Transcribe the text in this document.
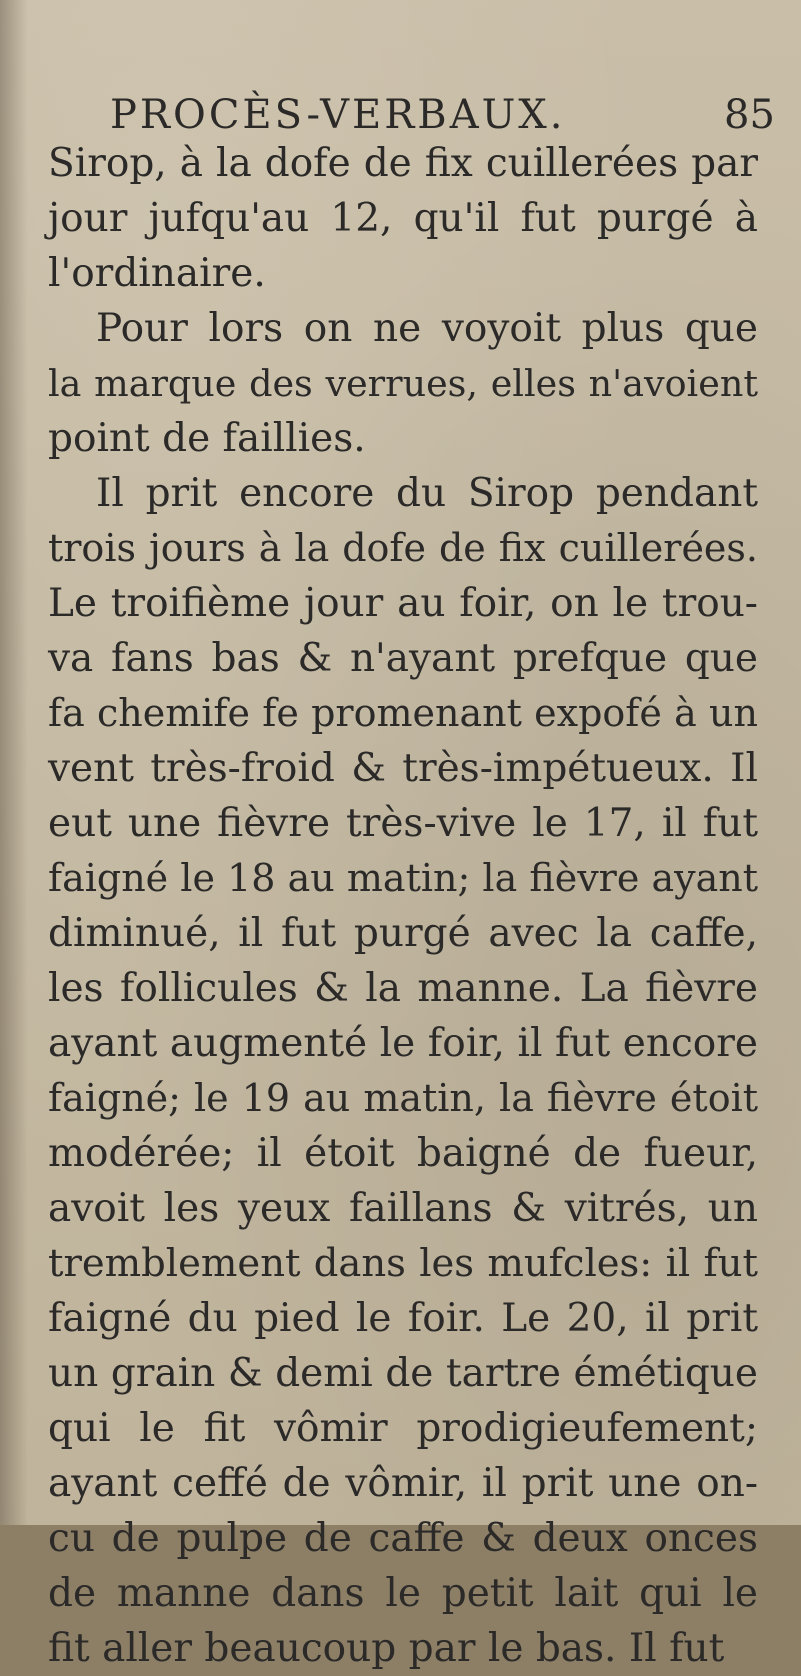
PROCÈS-VERBAUX.	85
Sirop, à la dofe de fix cuillerées par
jour jufqu'au 12, qu'il fut purgé à
l'ordinaire.
Pour lors on ne voyoit plus que
la marque des verrues, elles n'avoient
point de faillies.
Il prit encore du Sirop pendant
trois jours à la dofe de fix cuillerées.
Le troifième jour au foir, on le trou-
va fans bas & n'ayant prefque que
fa chemife fe promenant expofé à un
vent très-froid & très-impétueux. Il
eut une fièvre très-vive le 17, il fut
faigné le 18 au matin; la fièvre ayant
diminué, il fut purgé avec la caffe,
les follicules & la manne. La fièvre
ayant augmenté le foir, il fut encore
faigné; le 19 au matin, la fièvre étoit
modérée; il étoit baigné de fueur,
avoit les yeux faillans & vitrés, un
tremblement dans les mufcles: il fut
faigné du pied le foir. Le 20, il prit
un grain & demi de tartre émétique
qui le fit vômir prodigieufement;
ayant ceffé de vômir, il prit une on-
cu de pulpe de caffe & deux onces
de manne dans le petit lait qui le
fit aller beaucoup par le bas. Il fut
